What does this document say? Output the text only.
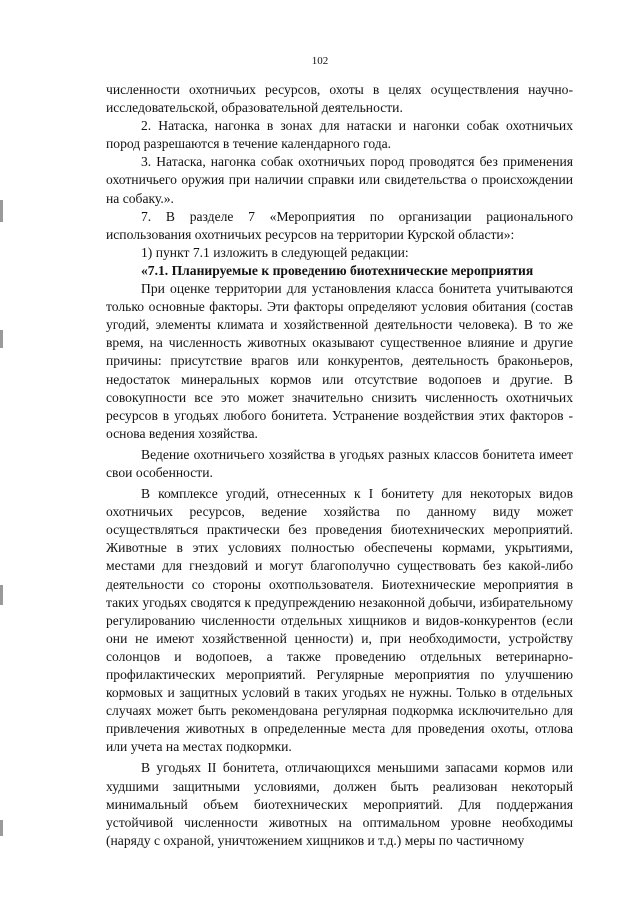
102

численности охотничьих ресурсов, охоты в целях осуществления научно-исследовательской, образовательной деятельности.

2. Натаска, нагонка в зонах для натаски и нагонки собак охотничьих пород разрешаются в течение календарного года.

3. Натаска, нагонка собак охотничьих пород проводятся без применения охотничьего оружия при наличии справки или свидетельства о происхождении на собаку.».

7. В разделе 7 «Мероприятия по организации рационального использования охотничьих ресурсов на территории Курской области»:

1) пункт 7.1 изложить в следующей редакции:

«7.1. Планируемые к проведению биотехнические мероприятия

При оценке территории для установления класса бонитета учитываются только основные факторы. Эти факторы определяют условия обитания (состав угодий, элементы климата и хозяйственной деятельности человека). В то же время, на численность животных оказывают существенное влияние и другие причины: присутствие врагов или конкурентов, деятельность браконьеров, недостаток минеральных кормов или отсутствие водопоев и другие. В совокупности все это может значительно снизить численность охотничьих ресурсов в угодьях любого бонитета. Устранение воздействия этих факторов - основа ведения хозяйства.

Ведение охотничьего хозяйства в угодьях разных классов бонитета имеет свои особенности.

В комплексе угодий, отнесенных к I бонитету для некоторых видов охотничьих ресурсов, ведение хозяйства по данному виду может осуществляться практически без проведения биотехнических мероприятий. Животные в этих условиях полностью обеспечены кормами, укрытиями, местами для гнездовий и могут благополучно существовать без какой-либо деятельности со стороны охотпользователя. Биотехнические мероприятия в таких угодьях сводятся к предупреждению незаконной добычи, избирательному регулированию численности отдельных хищников и видов-конкурентов (если они не имеют хозяйственной ценности) и, при необходимости, устройству солонцов и водопоев, а также проведению отдельных ветеринарно-профилактических мероприятий. Регулярные мероприятия по улучшению кормовых и защитных условий в таких угодьях не нужны. Только в отдельных случаях может быть рекомендована регулярная подкормка исключительно для привлечения животных в определенные места для проведения охоты, отлова или учета на местах подкормки.

В угодьях II бонитета, отличающихся меньшими запасами кормов или худшими защитными условиями, должен быть реализован некоторый минимальный объем биотехнических мероприятий. Для поддержания устойчивой численности животных на оптимальном уровне необходимы (наряду с охраной, уничтожением хищников и т.д.) меры по частичному
